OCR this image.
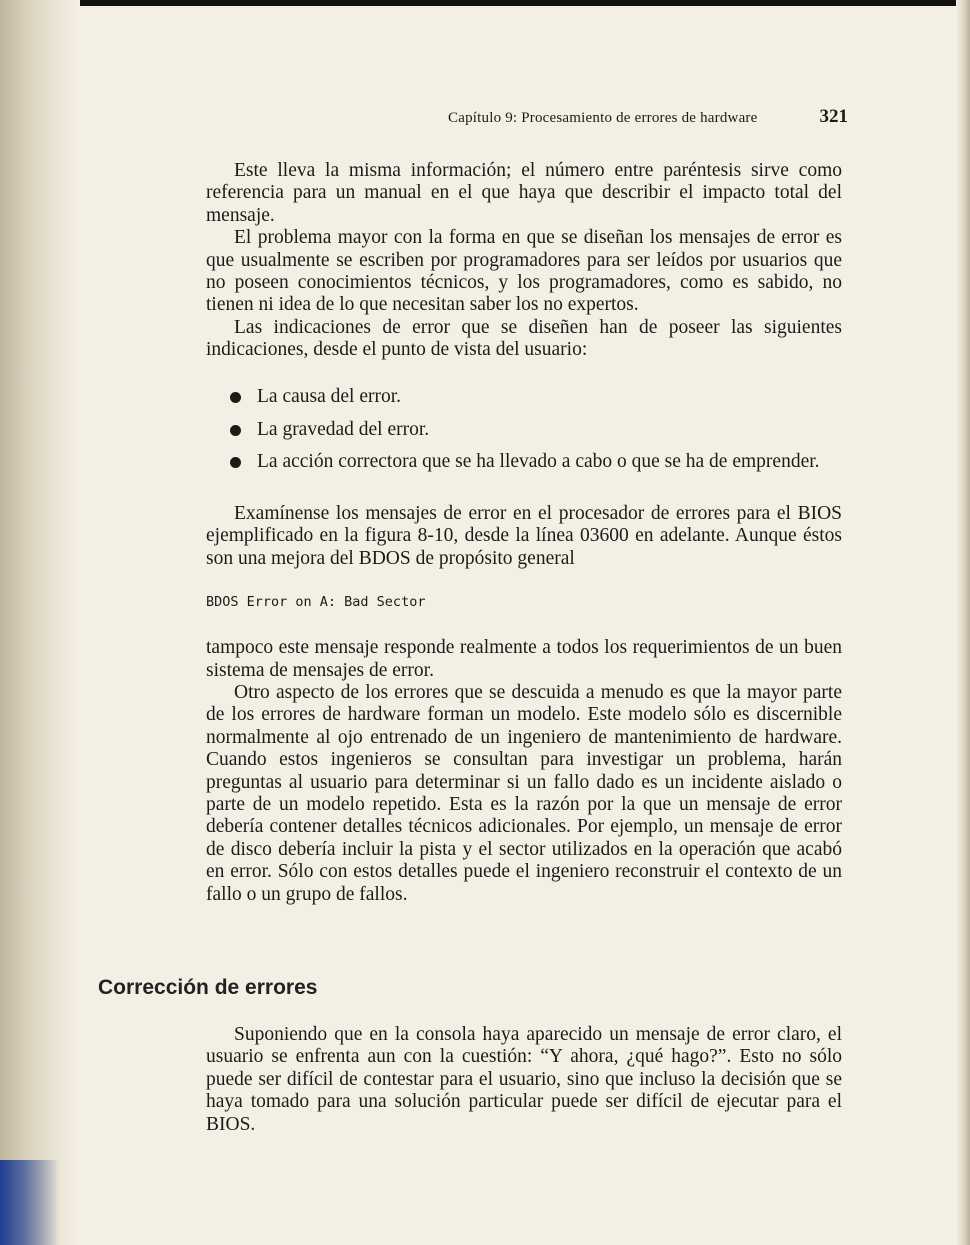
Capítulo 9: Procesamiento de errores de hardware	321

Este lleva la misma información; el número entre paréntesis sirve como referencia para un manual en el que haya que describir el impacto total del mensaje.

El problema mayor con la forma en que se diseñan los mensajes de error es que usualmente se escriben por programadores para ser leídos por usuarios que no poseen conocimientos técnicos, y los programadores, como es sabido, no tienen ni idea de lo que necesitan saber los no expertos.

Las indicaciones de error que se diseñen han de poseer las siguientes indicaciones, desde el punto de vista del usuario:

La causa del error.
La gravedad del error.
La acción correctora que se ha llevado a cabo o que se ha de emprender.

Examínense los mensajes de error en el procesador de errores para el BIOS ejemplificado en la figura 8-10, desde la línea 03600 en adelante. Aunque éstos son una mejora del BDOS de propósito general

BDOS Error on A: Bad Sector

tampoco este mensaje responde realmente a todos los requerimientos de un buen sistema de mensajes de error.

Otro aspecto de los errores que se descuida a menudo es que la mayor parte de los errores de hardware forman un modelo. Este modelo sólo es discernible normalmente al ojo entrenado de un ingeniero de mantenimiento de hardware. Cuando estos ingenieros se consultan para investigar un problema, harán preguntas al usuario para determinar si un fallo dado es un incidente aislado o parte de un modelo repetido. Esta es la razón por la que un mensaje de error debería contener detalles técnicos adicionales. Por ejemplo, un mensaje de error de disco debería incluir la pista y el sector utilizados en la operación que acabó en error. Sólo con estos detalles puede el ingeniero reconstruir el contexto de un fallo o un grupo de fallos.

Corrección de errores

Suponiendo que en la consola haya aparecido un mensaje de error claro, el usuario se enfrenta aun con la cuestión: “Y ahora, ¿qué hago?”. Esto no sólo puede ser difícil de contestar para el usuario, sino que incluso la decisión que se haya tomado para una solución particular puede ser difícil de ejecutar para el BIOS.
